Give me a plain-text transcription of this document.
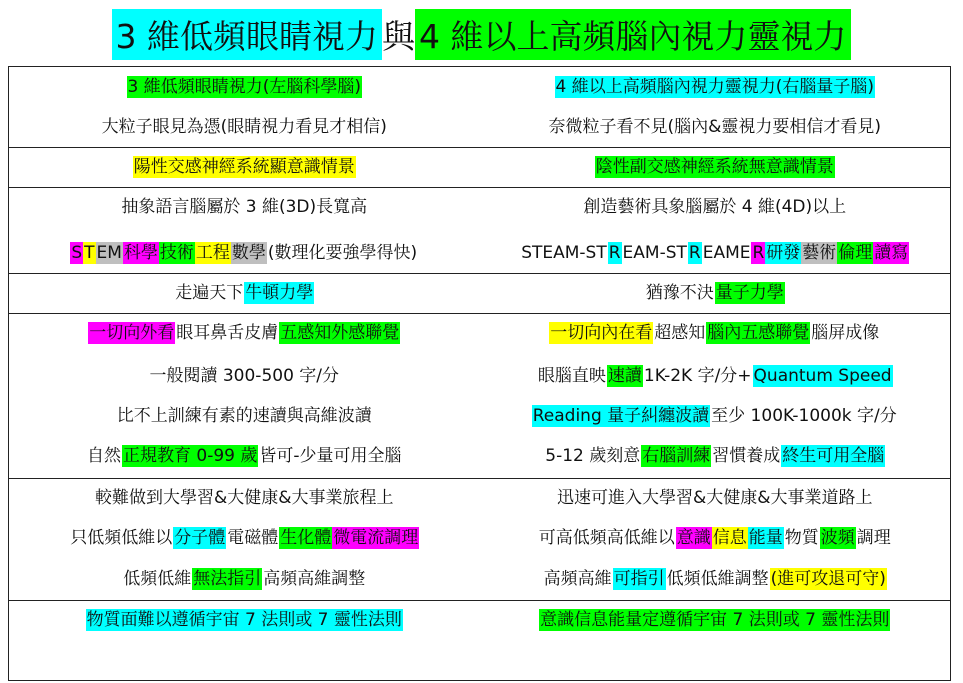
3 維低頻眼睛視力 與 4 維以上高頻腦內視力靈視力
3 維低頻眼睛視力(左腦科學腦)	4 維以上高頻腦內視力靈視力(右腦量子腦)
大粒子眼見為憑(眼睛視力看見才相信)	奈微粒子看不見(腦內&靈視力要相信才看見)
陽性交感神經系統顯意識情景	陰性副交感神經系統無意識情景
抽象語言腦屬於 3 維(3D)長寬高	創造藝術具象腦屬於 4 維(4D)以上
S T EM 科學 技術 工程 數學 (數理化要強學得快)	STEAM-ST R EAM-ST R EAME R 研發 藝術 倫理 讀寫
走遍天下 牛頓力學	猶豫不決 量子力學
一切向外看 眼耳鼻舌皮膚 五感知外感聯覺	一切向內在看 超感知 腦內五感聯覺 腦屏成像
一般閱讀 300-500 字/分	眼腦直映 速讀 1K-2K 字/分+ Quantum Speed
比不上訓練有素的速讀與高維波讀	Reading 量子糾纏波讀 至少 100K-1000k 字/分
自然 正規教育 0-99 歲 皆可-少量可用全腦	5-12 歲刻意 右腦訓練 習慣養成 終生可用全腦
較難做到大學習&大健康&大事業旅程上	迅速可進入大學習&大健康&大事業道路上
只低頻低維以 分子體 電磁體 生化體 微電流調理	可高低頻高低維以 意識 信息 能量 物質 波頻 調理
低頻低維 無法指引 高頻高維調整	高頻高維 可指引 低頻低維調整 (進可攻退可守)
物質面難以遵循宇宙 7 法則或 7 靈性法則	意識信息能量定遵循宇宙 7 法則或 7 靈性法則
